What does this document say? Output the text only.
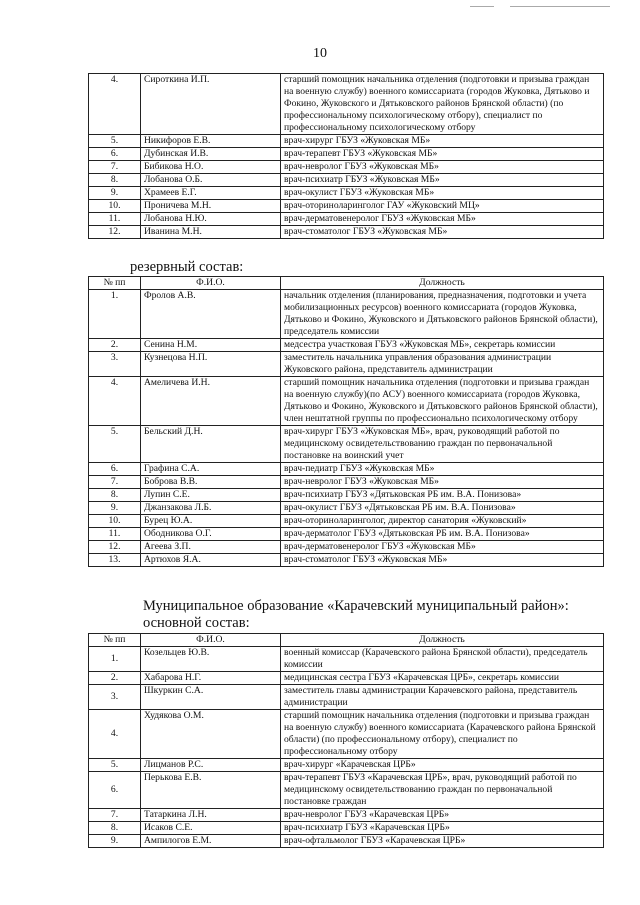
10
4.	Сироткина И.П.	старший помощник начальника отделения (подготовки и призыва граждан на военную службу) военного комиссариата (городов Жуковка, Дятьково и Фокино, Жуковского и Дятьковского районов Брянской области) (по профессиональному психологическому отбору), специалист по профессиональному психологическому отбору
5.	Никифоров Е.В.	врач-хирург ГБУЗ «Жуковская МБ»
6.	Дубинская И.В.	врач-терапевт ГБУЗ «Жуковская МБ»
7.	Бибикова Н.О.	врач-невролог ГБУЗ «Жуковская МБ»
8.	Лобанова О.Б.	врач-психиатр ГБУЗ «Жуковская МБ»
9.	Храмеев Е.Г.	врач-окулист ГБУЗ «Жуковская МБ»
10.	Проничева М.Н.	врач-оториноларинголог ГАУ «Жуковский МЦ»
11.	Лобанова Н.Ю.	врач-дерматовенеролог ГБУЗ «Жуковская МБ»
12.	Иванина М.Н.	врач-стоматолог ГБУЗ «Жуковская МБ»
резервный состав:
№ пп	Ф.И.О.	Должность
1.	Фролов А.В.	начальник отделения (планирования, предназначения, подготовки и учета мобилизационных ресурсов) военного комиссариата (городов Жуковка, Дятьково и Фокино, Жуковского и Дятьковского районов Брянской области), председатель комиссии
2.	Сенина Н.М.	медсестра участковая ГБУЗ «Жуковская МБ», секретарь комиссии
3.	Кузнецова Н.П.	заместитель начальника управления образования администрации Жуковского района, представитель администрации
4.	Амеличева И.Н.	старший помощник начальника отделения (подготовки и призыва граждан на военную службу)(по АСУ) военного комиссариата (городов Жуковка, Дятьково и Фокино, Жуковского и Дятьковского районов Брянской области), член нештатной группы по профессионально психологическому отбору
5.	Бельский Д.Н.	врач-хирург ГБУЗ «Жуковская МБ», врач, руководящий работой по медицинскому освидетельствованию граждан по первоначальной постановке на воинский учет
6.	Графина С.А.	врач-педиатр ГБУЗ «Жуковская МБ»
7.	Боброва В.В.	врач-невролог ГБУЗ «Жуковская МБ»
8.	Лупин С.Е.	врач-психиатр ГБУЗ «Дятьковская РБ им. В.А. Понизова»
9.	Джанзакова Л.Б.	врач-окулист ГБУЗ «Дятьковская РБ им. В.А. Понизова»
10.	Бурец Ю.А.	врач-оториноларинголог, директор санатория «Жуковский»
11.	Ободникова О.Г.	врач-дерматолог ГБУЗ «Дятьковская РБ им. В.А. Понизова»
12.	Агеева З.П.	врач-дерматовенеролог ГБУЗ «Жуковская МБ»
13.	Артюхов Я.А.	врач-стоматолог ГБУЗ «Жуковская МБ»
Муниципальное образование «Карачевский муниципальный район»:
основной состав:
№ пп	Ф.И.О.	Должность
1.	Козельцев Ю.В.	военный комиссар (Карачевского района Брянской области), председатель комиссии
2.	Хабарова Н.Г.	медицинская сестра ГБУЗ «Карачевская ЦРБ», секретарь комиссии
3.	Шкуркин С.А.	заместитель главы администрации Карачевского района, представитель администрации
4.	Худякова О.М.	старший помощник начальника отделения (подготовки и призыва граждан на военную службу) военного комиссариата (Карачевского района Брянской области) (по профессиональному отбору), специалист по профессиональному отбору
5.	Лицманов Р.С.	врач-хирург «Карачевская ЦРБ»
6.	Перькова Е.В.	врач-терапевт ГБУЗ «Карачевская ЦРБ», врач, руководящий работой по медицинскому освидетельствованию граждан по первоначальной постановке граждан
7.	Татаркина Л.Н.	врач-невролог ГБУЗ «Карачевская ЦРБ»
8.	Исаков С.Е.	врач-психиатр ГБУЗ «Карачевская ЦРБ»
9.	Ампилогов Е.М.	врач-офтальмолог ГБУЗ «Карачевская ЦРБ»
